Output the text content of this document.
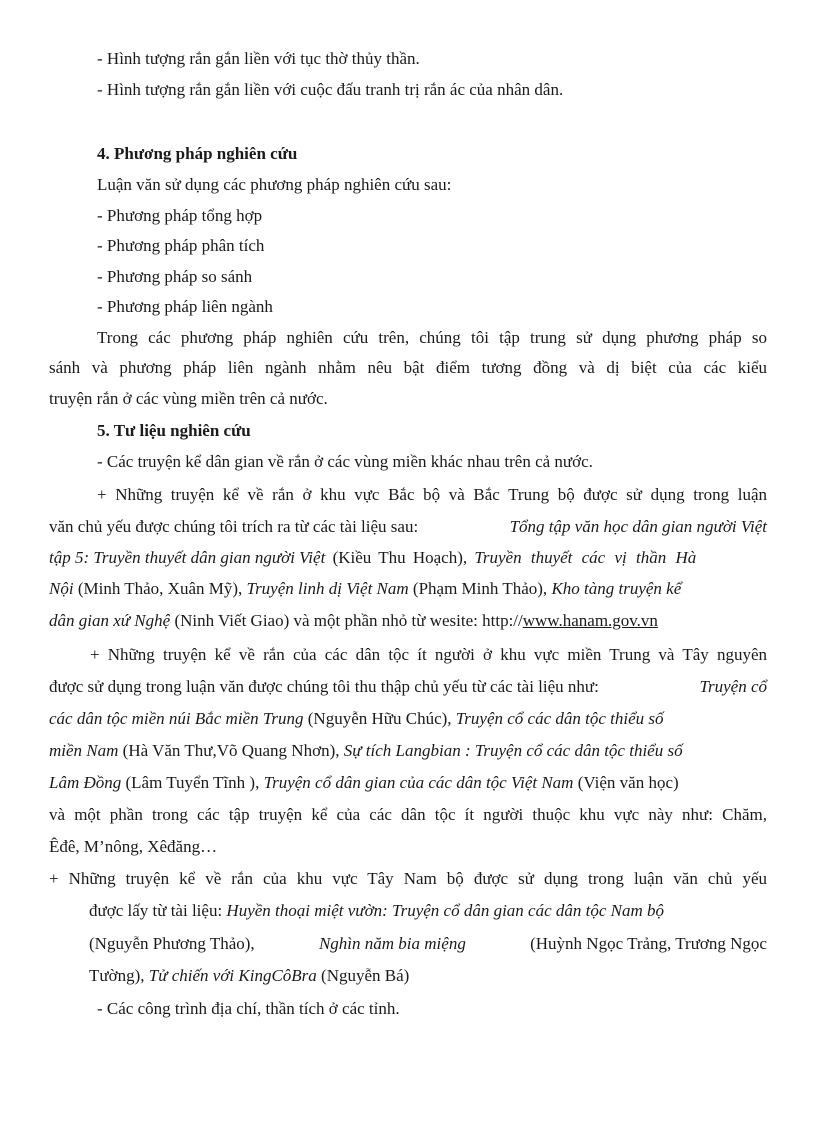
- Hình tượng rắn gắn liền với tục thờ thủy thần.
- Hình tượng rắn gắn liền với cuộc đấu tranh trị rắn ác của nhân dân.
4. Phương pháp nghiên cứu
Luận văn sử dụng các phương pháp nghiên cứu sau:
- Phương pháp tổng hợp
- Phương pháp phân tích
- Phương pháp so sánh
- Phương pháp liên ngành
Trong các phương pháp nghiên cứu trên, chúng tôi tập trung sử dụng phương pháp so
sánh và phương pháp liên ngành nhằm nêu bật điểm tương đồng và dị biệt của các kiểu
truyện rắn ở các vùng miền trên cả nước.
5. Tư liệu nghiên cứu
- Các truyện kể dân gian về rắn ở các vùng miền khác nhau trên cả nước.
+ Những truyện kể về rắn ở khu vực Bắc bộ và Bắc Trung bộ được sử dụng trong luận
văn chủ yếu được chúng tôi trích ra từ các tài liệu sau:	Tổng tập văn học dân gian người Việt
tập 5: Truyền thuyết dân gian người Việt (Kiều Thu Hoạch), Truyền thuyết các vị thần Hà
Nội (Minh Thảo, Xuân Mỹ), Truyện linh dị Việt Nam (Phạm Minh Thảo), Kho tàng truyện kể
dân gian xứ Nghệ (Ninh Viết Giao) và một phần nhỏ từ wesite: http://www.hanam.gov.vn
+ Những truyện kể về rắn của các dân tộc ít người ở khu vực miền Trung và Tây nguyên
được sử dụng trong luận văn được chúng tôi thu thập chủ yếu từ các tài liệu như:	Truyện cổ
các dân tộc miền núi Bắc miền Trung (Nguyễn Hữu Chúc), Truyện cổ các dân tộc thiểu số
miền Nam (Hà Văn Thư,Võ Quang Nhơn), Sự tích Langbian : Truyện cổ các dân tộc thiểu số
Lâm Đồng (Lâm Tuyển Tĩnh ), Truyện cổ dân gian của các dân tộc Việt Nam (Viện văn học)
và một phần trong các tập truyện kể của các dân tộc ít người thuộc khu vực này như: Chăm,
Êđê, M’nông, Xêđăng…
+ Những truyện kể về rắn của khu vực Tây Nam bộ được sử dụng trong luận văn chủ yếu
được lấy từ tài liệu: Huyền thoại miệt vườn: Truyện cổ dân gian các dân tộc Nam bộ
(Nguyễn Phương Thảo),	Nghìn năm bia miệng	(Huỳnh Ngọc Trảng, Trương Ngọc
Tường), Tử chiến với KingCôBra (Nguyễn Bá)
- Các công trình địa chí, thần tích ở các tỉnh.
